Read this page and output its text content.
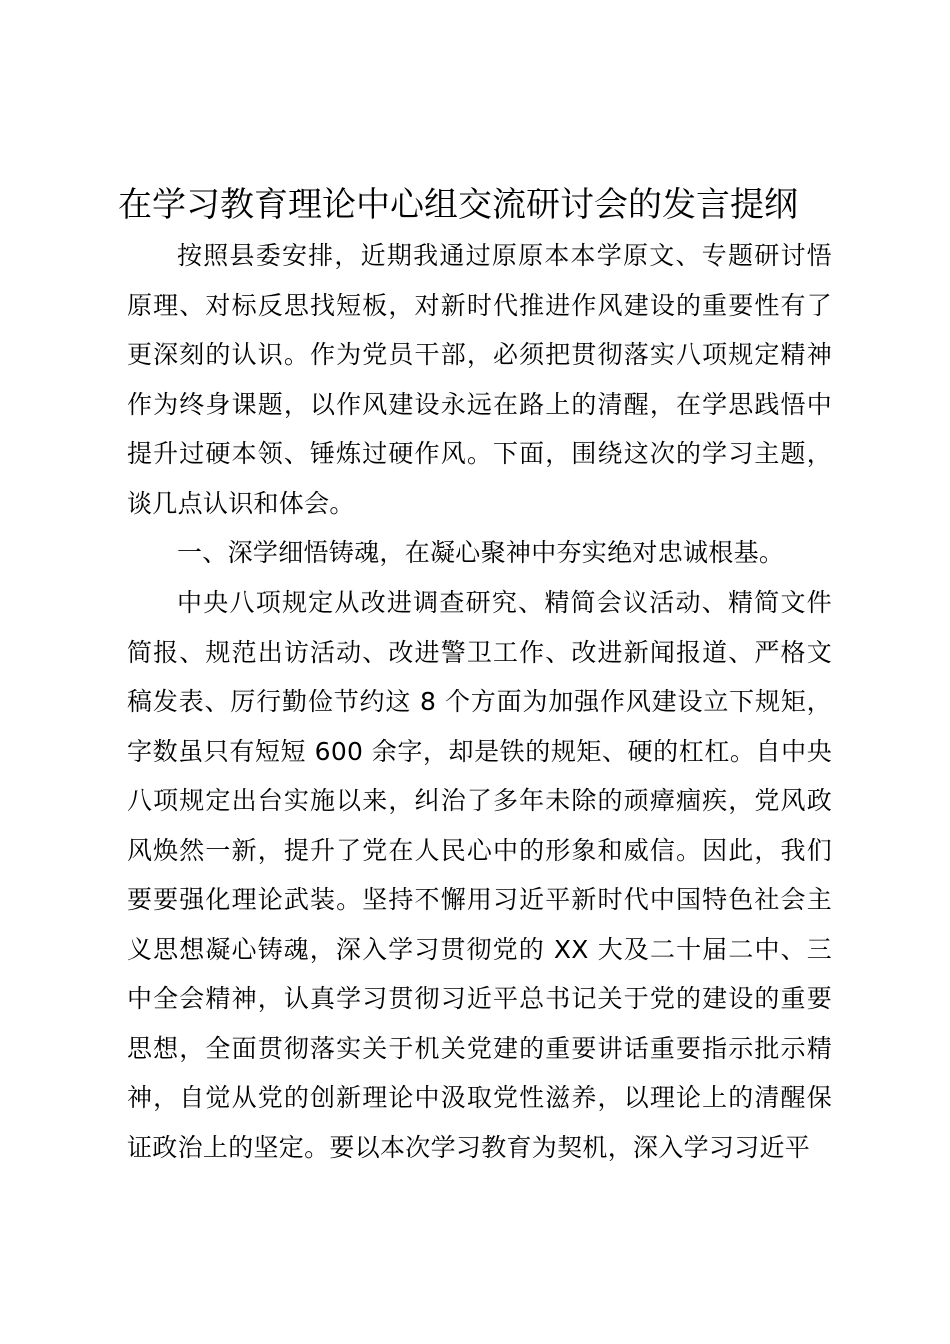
在学习教育理论中心组交流研讨会的发言提纲

按照县委安排，近期我通过原原本本学原文、专题研讨悟原理、对标反思找短板，对新时代推进作风建设的重要性有了更深刻的认识。作为党员干部，必须把贯彻落实八项规定精神作为终身课题，以作风建设永远在路上的清醒，在学思践悟中提升过硬本领、锤炼过硬作风。下面，围绕这次的学习主题，谈几点认识和体会。

一、深学细悟铸魂，在凝心聚神中夯实绝对忠诚根基。

中央八项规定从改进调查研究、精简会议活动、精简文件简报、规范出访活动、改进警卫工作、改进新闻报道、严格文稿发表、厉行勤俭节约这 8 个方面为加强作风建设立下规矩，字数虽只有短短 600 余字，却是铁的规矩、硬的杠杠。自中央八项规定出台实施以来，纠治了多年未除的顽瘴痼疾，党风政风焕然一新，提升了党在人民心中的形象和威信。因此，我们要要强化理论武装。坚持不懈用习近平新时代中国特色社会主义思想凝心铸魂，深入学习贯彻党的 XX 大及二十届二中、三中全会精神，认真学习贯彻习近平总书记关于党的建设的重要思想，全面贯彻落实关于机关党建的重要讲话重要指示批示精神，自觉从党的创新理论中汲取党性滋养，以理论上的清醒保证政治上的坚定。要以本次学习教育为契机，深入学习习近平
